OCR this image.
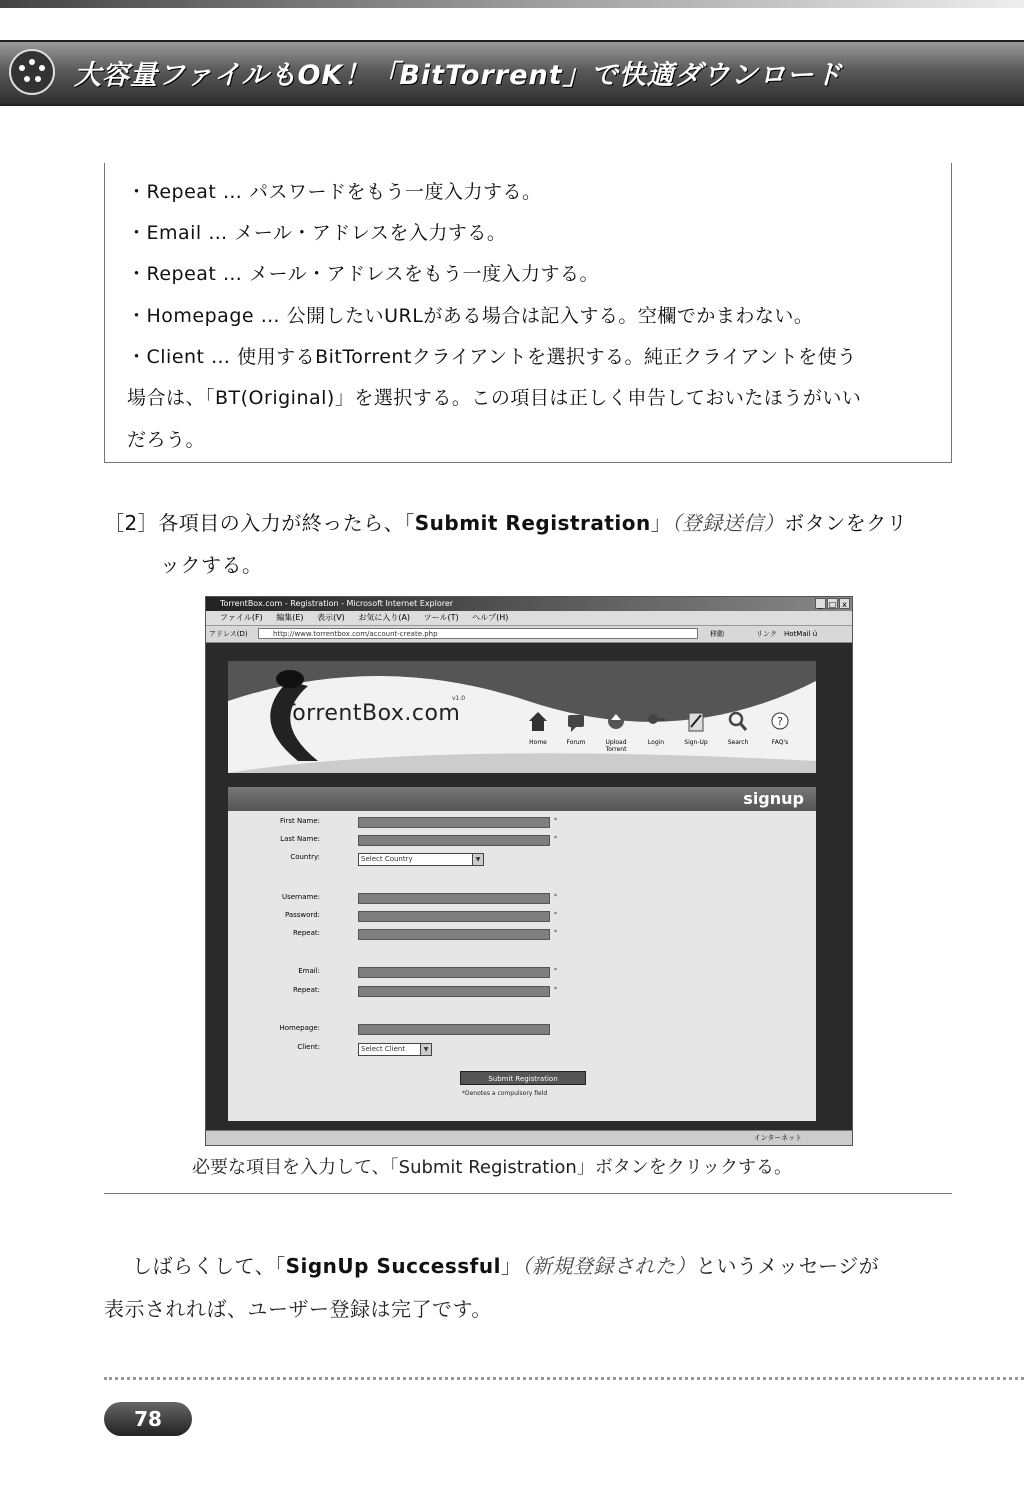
大容量ファイルもOK！「BitTorrent」で快適ダウンロード

・Repeat … パスワードをもう一度入力する。

・Email … メール・アドレスを入力する。

・Repeat … メール・アドレスをもう一度入力する。

・Homepage … 公開したいURLがある場合は記入する。空欄でかまわない。

・Client … 使用するBitTorrentクライアントを選択する。純正クライアントを使う

場合は、「BT(Original)」を選択する。この項目は正しく申告しておいたほうがいい

だろう。

［2］各項目の入力が終ったら、「Submit Registration」（登録送信）ボタンをクリ
ックする。
TorrentBox.com - Registration - Microsoft Internet Explorer	_ □ x
ファイル(F) 編集(E) 表示(V) お気に入り(A) ツール(T) ヘルプ(H)
アドレス(D)	http://www.torrentbox.com/account-create.php	移動	リンク HotMail ú
TorrentBox.com
v1.0
Home	Forum	Upload Torrent
Login	Sign-Up	Search
?
FAQ's
signup
First Name:	*
Last Name:	*
Country:	Select Country	▼
Username:	*
Password:	*
Repeat:	*
Email:	*
Repeat:	*
Homepage:
Client:	Select Client	▼
Submit Registration
*Denotes a compulsory field
インターネット
必要な項目を入力して、「Submit Registration」ボタンをクリックする。
しばらくして、「SignUp Successful」（新規登録された）というメッセージが
表示されれば、ユーザー登録は完了です。
78
